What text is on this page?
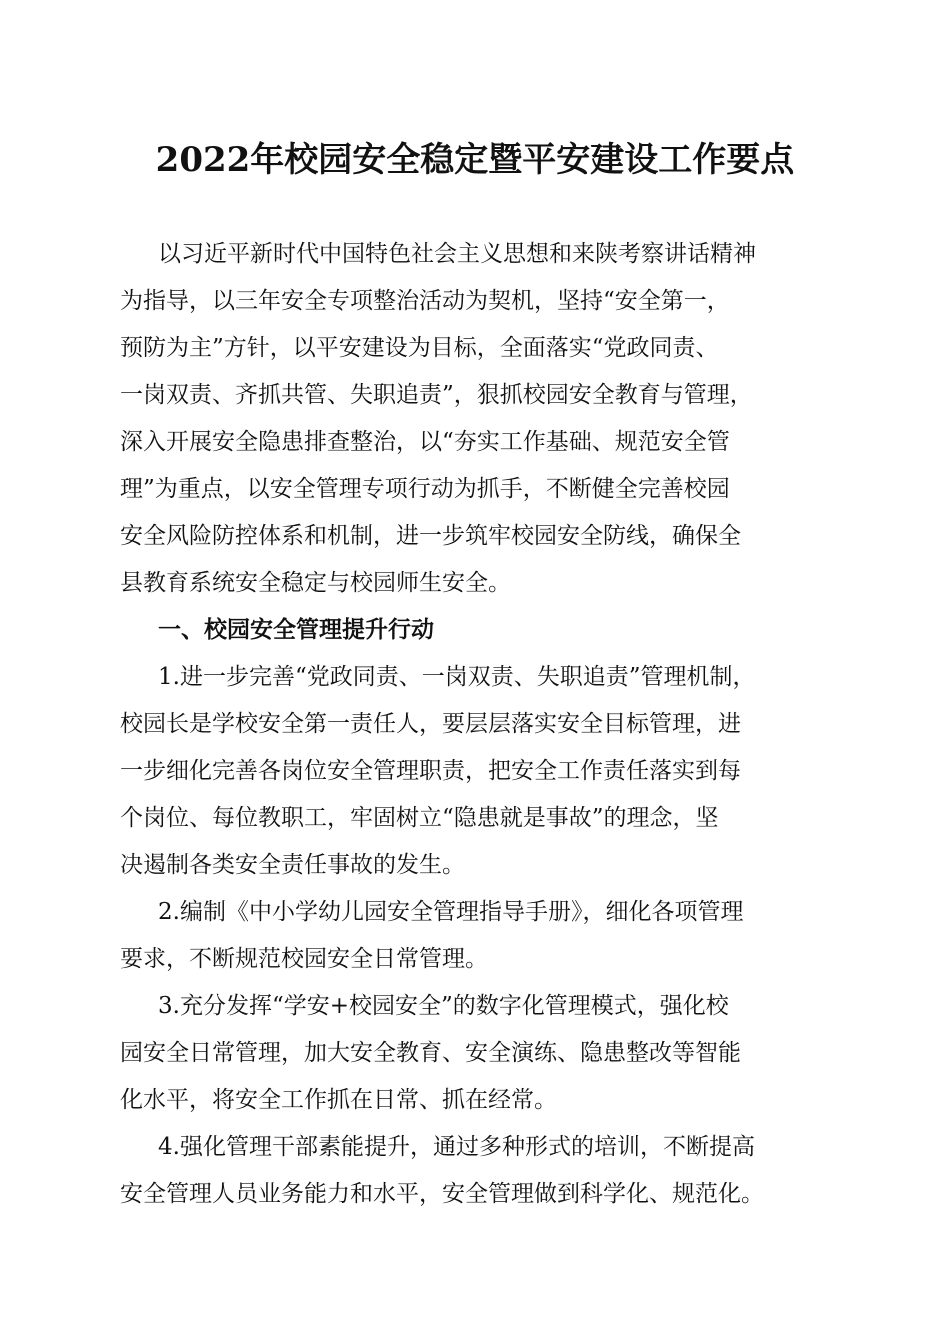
2022年校园安全稳定暨平安建设工作要点
以习近平新时代中国特色社会主义思想和来陕考察讲话精神
为指导，以三年安全专项整治活动为契机，坚持“安全第一，
预防为主”方针，以平安建设为目标，全面落实“党政同责、
一岗双责、齐抓共管、失职追责”，狠抓校园安全教育与管理，
深入开展安全隐患排查整治，以“夯实工作基础、规范安全管
理”为重点，以安全管理专项行动为抓手，不断健全完善校园
安全风险防控体系和机制，进一步筑牢校园安全防线，确保全
县教育系统安全稳定与校园师生安全。
一、校园安全管理提升行动
1.进一步完善“党政同责、一岗双责、失职追责”管理机制，
校园长是学校安全第一责任人，要层层落实安全目标管理，进
一步细化完善各岗位安全管理职责，把安全工作责任落实到每
个岗位、每位教职工，牢固树立“隐患就是事故”的理念，坚
决遏制各类安全责任事故的发生。
2.编制《中小学幼儿园安全管理指导手册》，细化各项管理
要求，不断规范校园安全日常管理。
3.充分发挥“学安+校园安全”的数字化管理模式，强化校
园安全日常管理，加大安全教育、安全演练、隐患整改等智能
化水平，将安全工作抓在日常、抓在经常。
4.强化管理干部素能提升，通过多种形式的培训，不断提高
安全管理人员业务能力和水平，安全管理做到科学化、规范化。
